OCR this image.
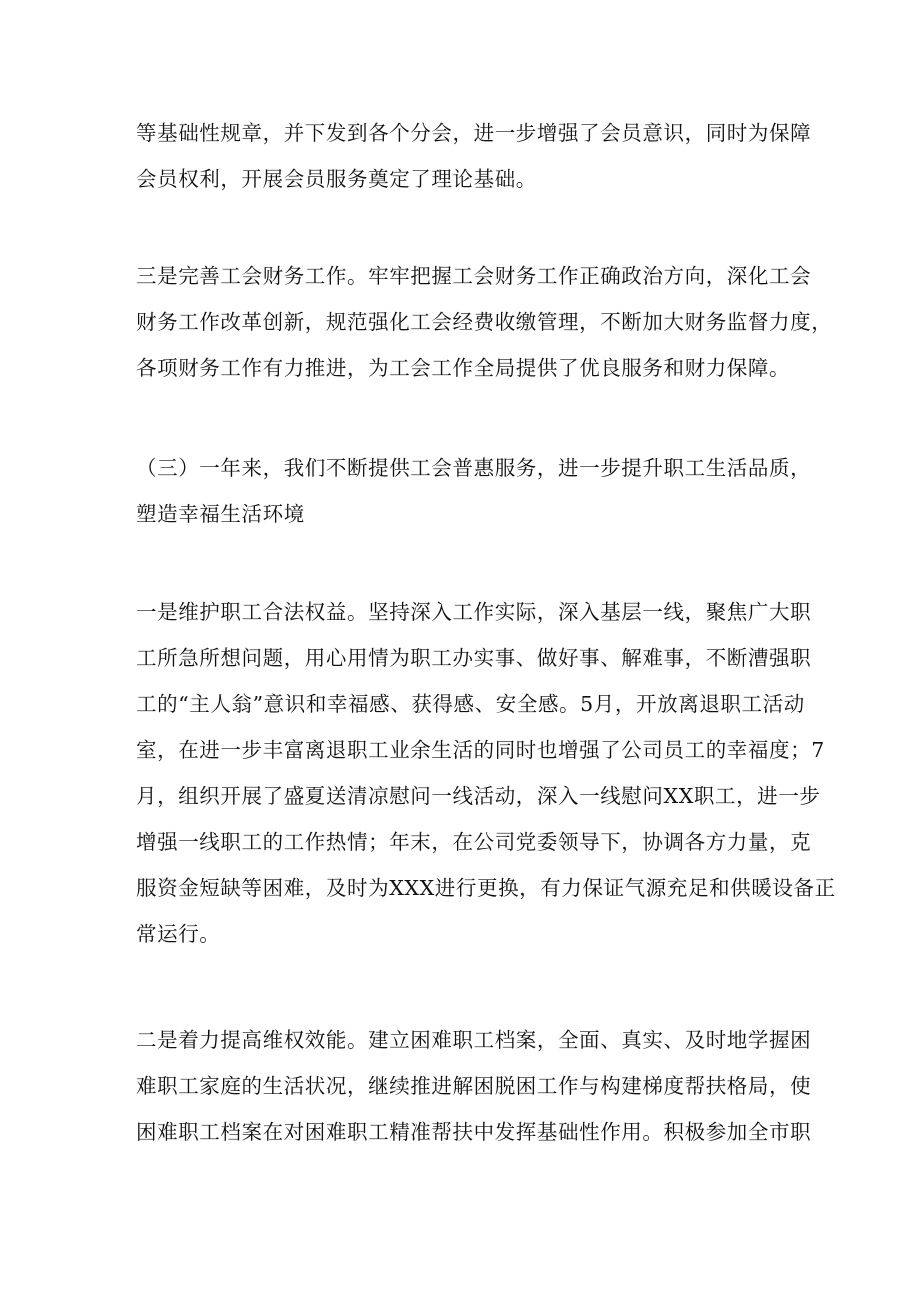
等基础性规章，并下发到各个分会，进一步增强了会员意识，同时为保障
会员权利，开展会员服务奠定了理论基础。

三是完善工会财务工作。牢牢把握工会财务工作正确政治方向，深化工会
财务工作改革创新，规范强化工会经费收缴管理，不断加大财务监督力度，
各项财务工作有力推进，为工会工作全局提供了优良服务和财力保障。

（三）一年来，我们不断提供工会普惠服务，进一步提升职工生活品质，
塑造幸福生活环境

一是维护职工合法权益。坚持深入工作实际，深入基层一线，聚焦广大职
工所急所想问题，用心用情为职工办实事、做好事、解难事，不断漕强职
工的“主人翁”意识和幸福感、获得感、安全感。5月，开放离退职工活动
室，在进一步丰富离退职工业余生活的同时也增强了公司员工的幸福度；7
月，组织开展了盛夏送清凉慰问一线活动，深入一线慰问XX职工，进一步
增强一线职工的工作热情；年末，在公司党委领导下，协调各方力量，克
服资金短缺等困难，及时为XXX进行更换，有力保证气源充足和供暖设备正
常运行。

二是着力提高维权效能。建立困难职工档案，全面、真实、及时地学握困
难职工家庭的生活状况，继续推进解困脱困工作与构建梯度帮扶格局，使
困难职工档案在对困难职工精准帮扶中发挥基础性作用。积极参加全市职
